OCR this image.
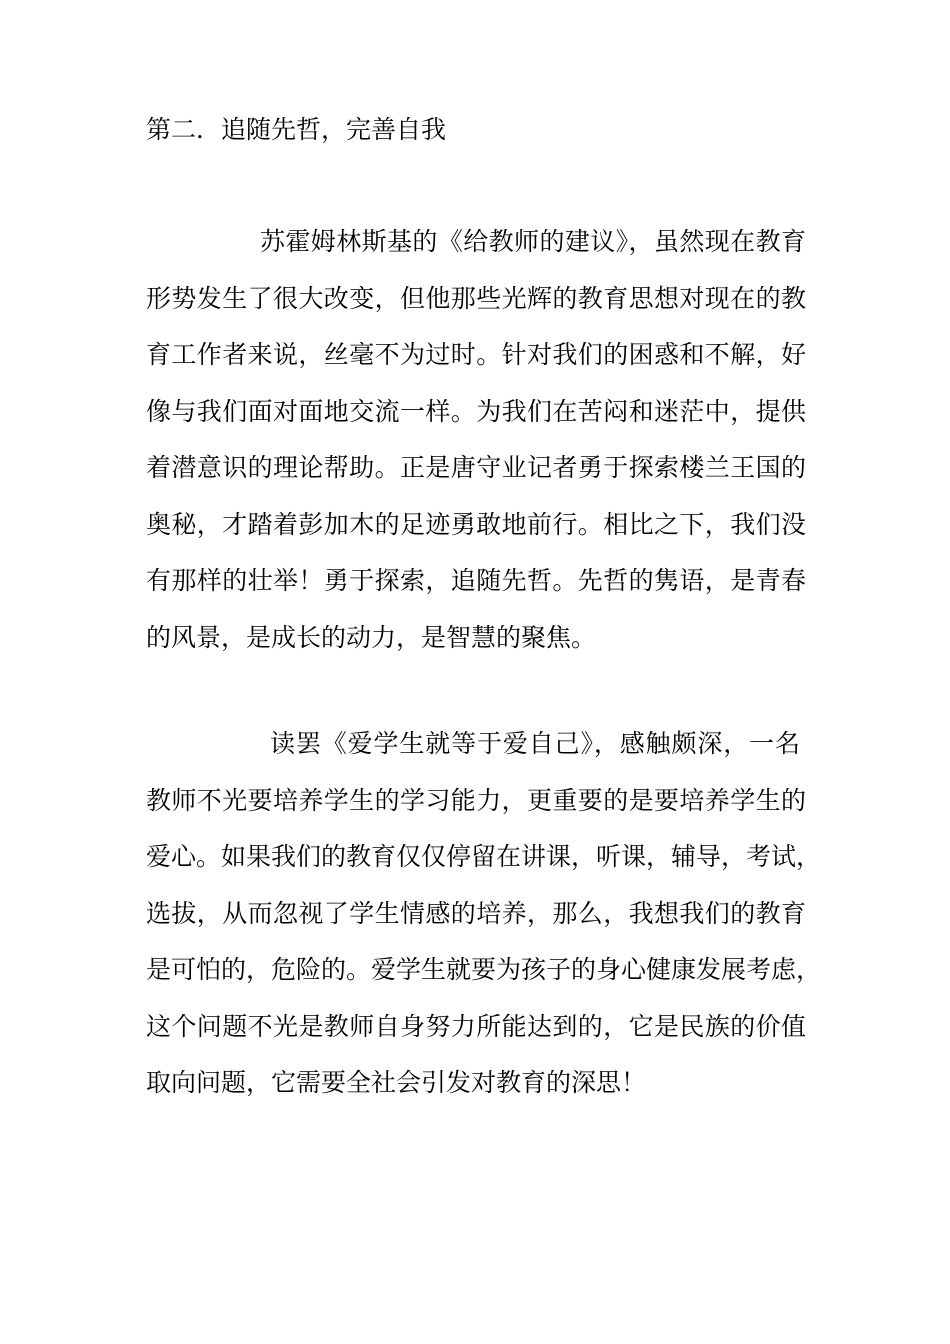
第二．追随先哲，完善自我
苏霍姆林斯基的《给教师的建议》，虽然现在教育
形势发生了很大改变，但他那些光辉的教育思想对现在的教
育工作者来说，丝毫不为过时。针对我们的困惑和不解，好
像与我们面对面地交流一样。为我们在苦闷和迷茫中，提供
着潜意识的理论帮助。正是唐守业记者勇于探索楼兰王国的
奥秘，才踏着彭加木的足迹勇敢地前行。相比之下，我们没
有那样的壮举！勇于探索，追随先哲。先哲的隽语，是青春
的风景，是成长的动力，是智慧的聚焦。
读罢《爱学生就等于爱自己》，感触颇深，一名
教师不光要培养学生的学习能力，更重要的是要培养学生的
爱心。如果我们的教育仅仅停留在讲课，听课，辅导，考试，
选拔，从而忽视了学生情感的培养，那么，我想我们的教育
是可怕的，危险的。爱学生就要为孩子的身心健康发展考虑，
这个问题不光是教师自身努力所能达到的，它是民族的价值
取向问题，它需要全社会引发对教育的深思！
